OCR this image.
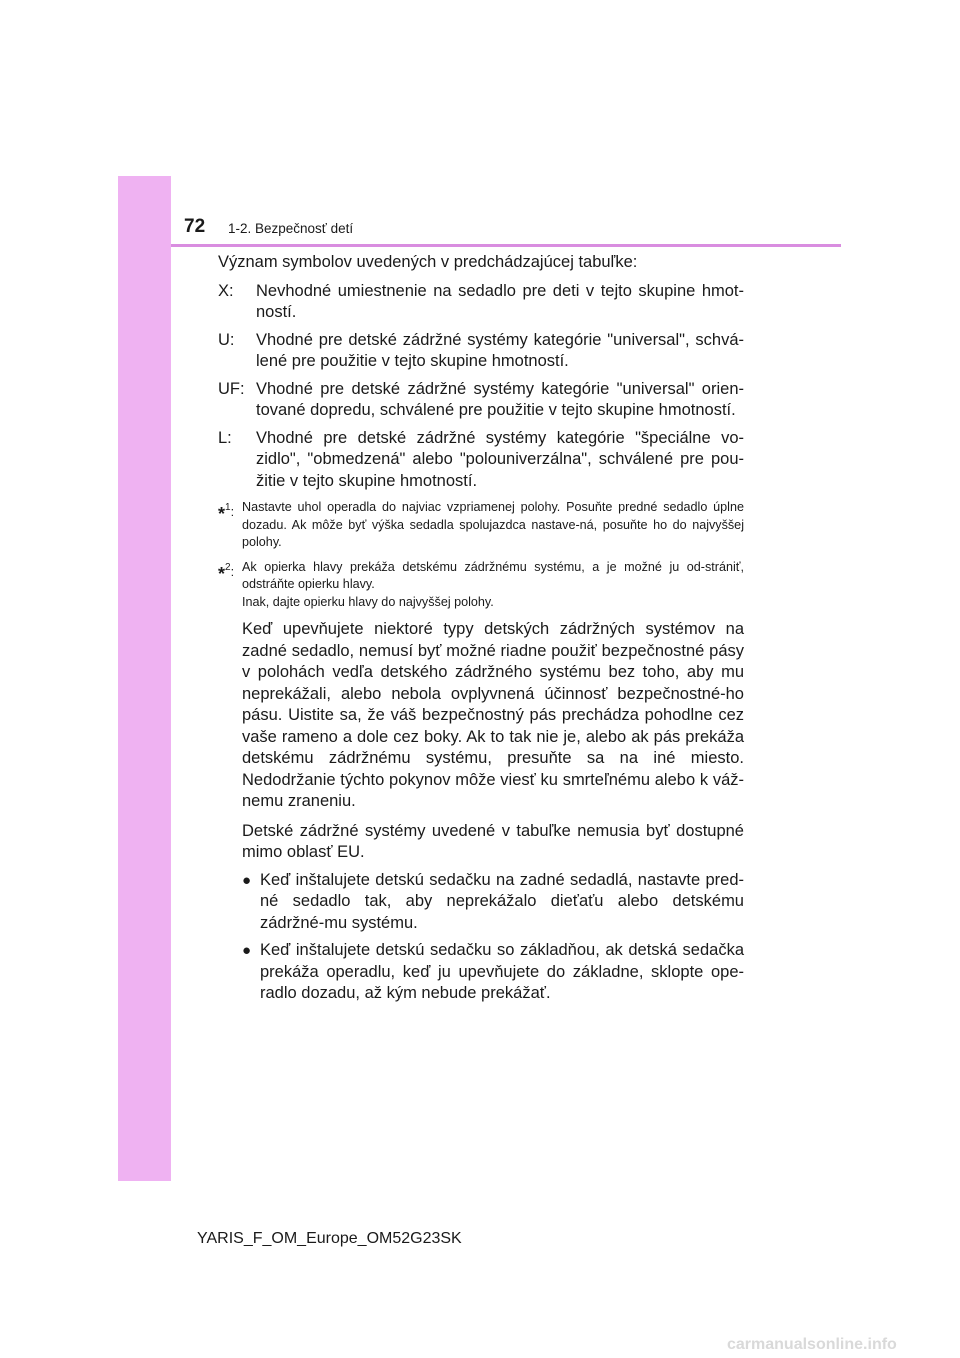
72 1-2. Bezpečnosť detí

Význam symbolov uvedených v predchádzajúcej tabuľke:

X:	Nevhodné umiestnenie na sedadlo pre deti v tejto skupine hmot-ností.
U:	Vhodné pre detské zádržné systémy kategórie "universal", schvá-lené pre použitie v tejto skupine hmotností.
UF: Vhodné pre detské zádržné systémy kategórie "universal" orien-tované dopredu, schválené pre použitie v tejto skupine hmotností.
L:	Vhodné pre detské zádržné systémy kategórie "špeciálne vo-zidlo", "obmedzená" alebo "polouniverzálna", schválené pre pou-žitie v tejto skupine hmotností.
*$^1$: Nastavte uhol operadla do najviac vzpriamenej polohy. Posuňte predné sedadlo úplne dozadu. Ak môže byť výška sedadla spolujazdca nastave-ná, posuňte ho do najvyššej polohy.
*$^2$: Ak opierka hlavy prekáža detskému zádržnému systému, a je možné ju od-strániť, odstráňte opierku hlavy.
Inak, dajte opierku hlavy do najvyššej polohy.

Keď upevňujete niektoré typy detských zádržných systémov na zadné sedadlo, nemusí byť možné riadne použiť bezpečnostné pásy v polohách vedľa detského zádržného systému bez toho, aby mu neprekážali, alebo nebola ovplyvnená účinnosť bezpečnostné-ho pásu. Uistite sa, že váš bezpečnostný pás prechádza pohodlne cez vaše rameno a dole cez boky. Ak to tak nie je, alebo ak pás prekáža detskému zádržnému systému, presuňte sa na iné miesto. Nedodržanie týchto pokynov môže viesť ku smrteľnému alebo k váž-nemu zraneniu.

Detské zádržné systémy uvedené v tabuľke nemusia byť dostupné mimo oblasť EU.

● Keď inštalujete detskú sedačku na zadné sedadlá, nastavte pred-né sedadlo tak, aby neprekážalo dieťaťu alebo detskému zádržné-mu systému.
● Keď inštalujete detskú sedačku so základňou, ak detská sedačka prekáža operadlu, keď ju upevňujete do základne, sklopte ope-radlo dozadu, až kým nebude prekážať.
YARIS_F_OM_Europe_OM52G23SK
carmanualsonline.info
